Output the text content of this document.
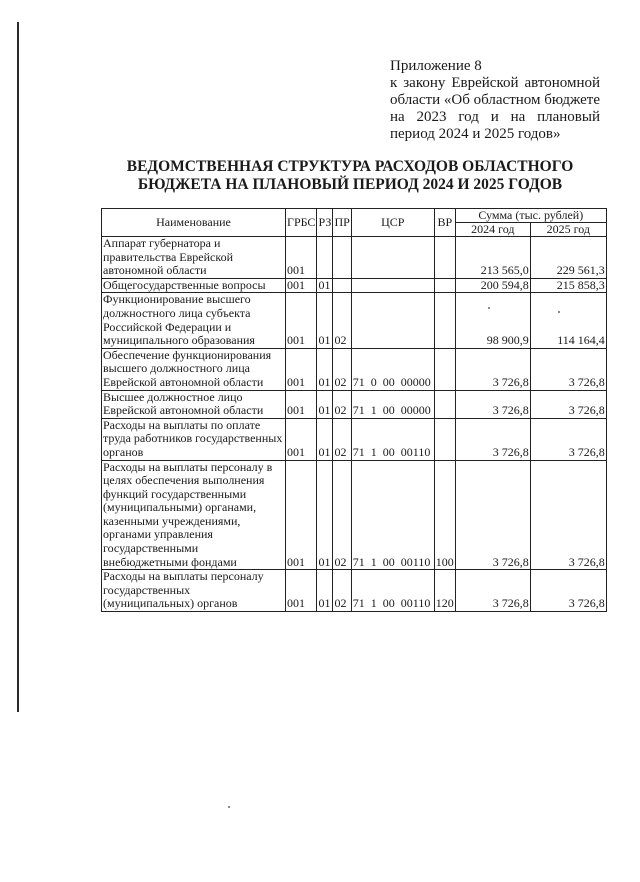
Приложение 8
к закону Еврейской автономной
области «Об областном бюджете
на 2023 год и на плановый
период 2024 и 2025 годов»
ВЕДОМСТВЕННАЯ СТРУКТУРА РАСХОДОВ ОБЛАСТНОГО
БЮДЖЕТА НА ПЛАНОВЫЙ ПЕРИОД 2024 И 2025 ГОДОВ
Наименование	ГРБС	РЗ	ПР	ЦСР	ВР	Сумма (тыс. рублей)	
						2024 год	2025 год
Аппарат губернатора и правительства Еврейской автономной области	001					213 565,0	229 561,3
Общегосударственные вопросы	001	01				200 594,8	215 858,3
Функционирование высшего должностного лица субъекта Российской Федерации и муниципального образования	001	01	02			98 900,9	114 164,4
Обеспечение функционирования высшего должностного лица Еврейской автономной области	001	01	02	71 0 00 00000		3 726,8	3 726,8
Высшее должностное лицо Еврейской автономной области	001	01	02	71 1 00 00000		3 726,8	3 726,8
Расходы на выплаты по оплате труда работников государственных органов	001	01	02	71 1 00 00110		3 726,8	3 726,8
Расходы на выплаты персоналу в целях обеспечения выполнения функций государственными (муниципальными) органами, казенными учреждениями, органами управления государственными внебюджетными фондами	001	01	02	71 1 00 00110	100	3 726,8	3 726,8
Расходы на выплаты персоналу государственных (муниципальных) органов	001	01	02	71 1 00 00110	120	3 726,8	3 726,8
